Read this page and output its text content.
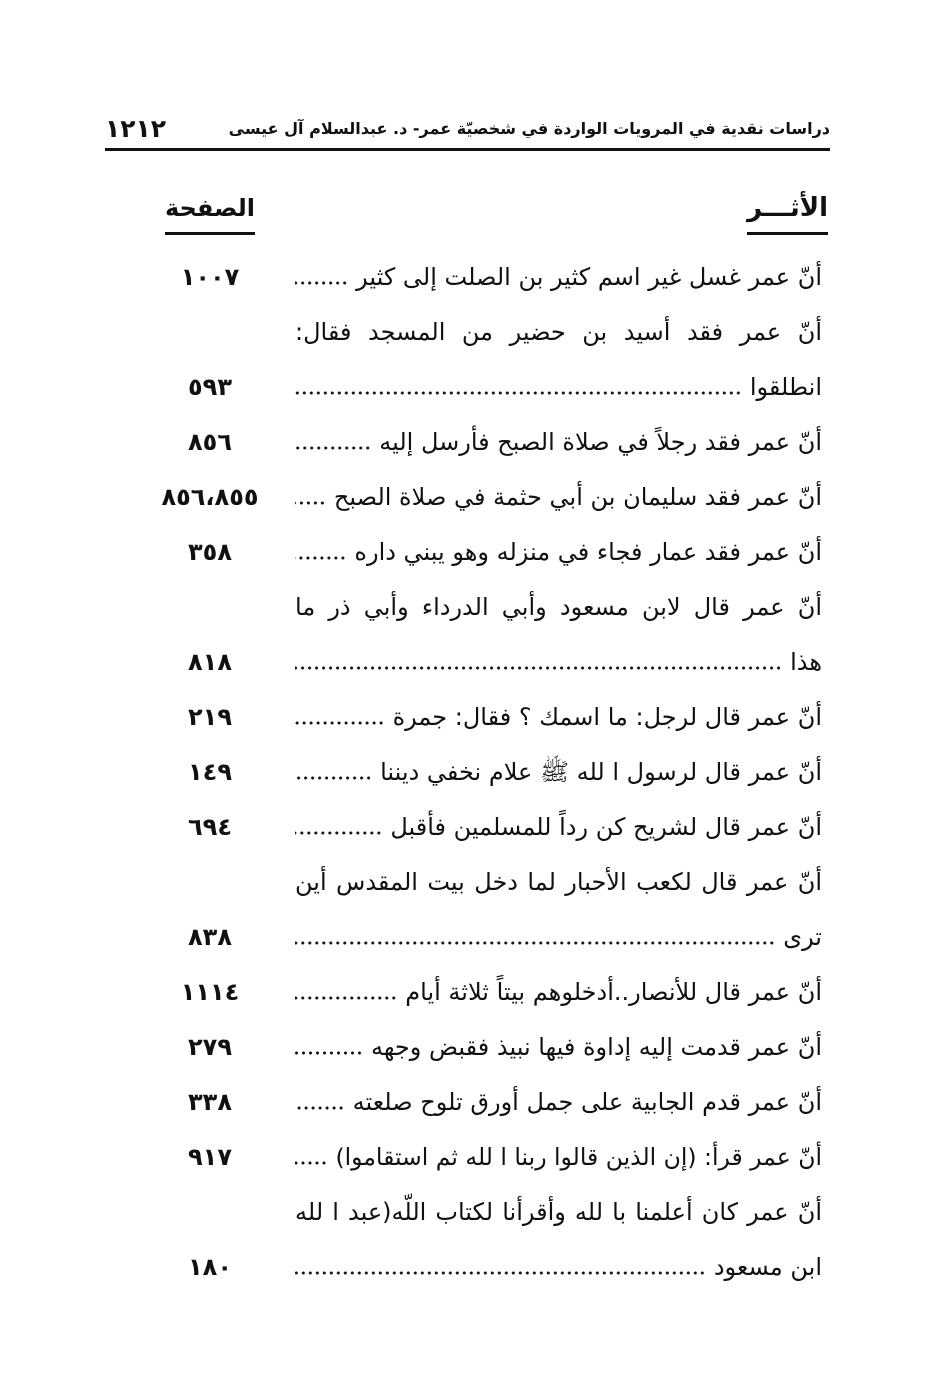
دراسات نقدية في المرويات الواردة في شخصيّة عمر- د. عبدالسلام آل عيسى
١٢١٢
الأثـــر
الصفحة
أنّ عمر غسل غير اسم كثير بن الصلت إلى كثير
١٠٠٧
أنّ عمر فقد أسيد بن حضير من المسجد فقال:
انطلقوا
٥٩٣
أنّ عمر فقد رجلاً في صلاة الصبح فأرسل إليه
٨٥٦
أنّ عمر فقد سليمان بن أبي حثمة في صلاة الصبح
٨٥٦،٨٥٥
أنّ عمر فقد عمار فجاء في منزله وهو يبني داره
٣٥٨
أنّ عمر قال لابن مسعود وأبي الدرداء وأبي ذر ما
هذا
٨١٨
أنّ عمر قال لرجل: ما اسمك ؟ فقال: جمرة
٢١٩
أنّ عمر قال لرسول ا لله ﷺ علام نخفي ديننا
١٤٩
أنّ عمر قال لشريح كن رداً للمسلمين فأقبل
٦٩٤
أنّ عمر قال لكعب الأحبار لما دخل بيت المقدس أين
ترى
٨٣٨
أنّ عمر قال للأنصار..أدخلوهم بيتاً ثلاثة أيام
١١١٤
أنّ عمر قدمت إليه إداوة فيها نبيذ فقبض وجهه
٢٧٩
أنّ عمر قدم الجابية على جمل أورق تلوح صلعته
٣٣٨
أنّ عمر قرأ: (إن الذين قالوا ربنا ا لله ثم استقاموا)
٩١٧
أنّ عمر كان أعلمنا با لله وأقرأنا لكتاب اللّه(عبد ا لله
ابن مسعود
١٨٠
